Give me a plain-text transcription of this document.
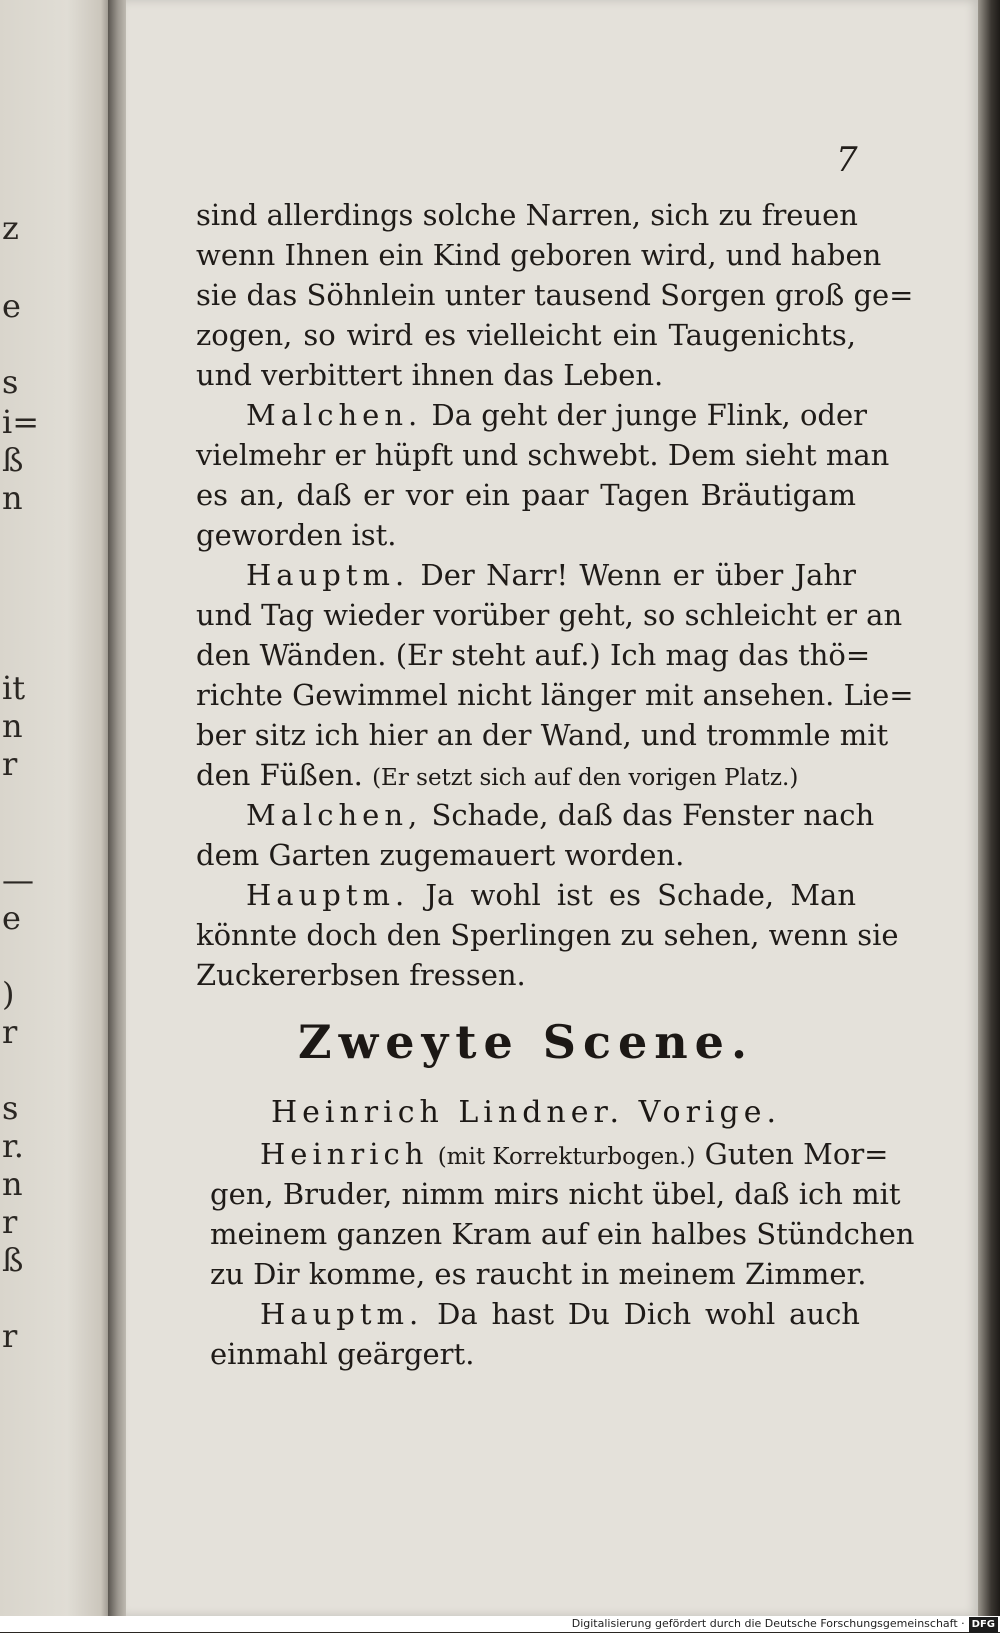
z
e
s
i=
ß
n
it
n
r
—
e
)
r
s
r.
n
r
ß
r
7
sind allerdings solche Narren, sich zu freuen
wenn Ihnen ein Kind geboren wird, und haben
sie das Söhnlein unter tausend Sorgen groß ge=
zogen, so wird es vielleicht ein Taugenichts,
und verbittert ihnen das Leben.
Malchen. Da geht der junge Flink, oder
vielmehr er hüpft und schwebt. Dem sieht man
es an, daß er vor ein paar Tagen Bräutigam
geworden ist.
Hauptm. Der Narr! Wenn er über Jahr
und Tag wieder vorüber geht, so schleicht er an
den Wänden. (Er steht auf.) Ich mag das thö=
richte Gewimmel nicht länger mit ansehen. Lie=
ber sitz ich hier an der Wand, und trommle mit
den Füßen. (Er setzt sich auf den vorigen Platz.)
Malchen, Schade, daß das Fenster nach
dem Garten zugemauert worden.
Hauptm. Ja wohl ist es Schade, Man
könnte doch den Sperlingen zu sehen, wenn sie
Zuckererbsen fressen.
Zweyte Scene.
Heinrich Lindner. Vorige.
Heinrich (mit Korrekturbogen.) Guten Mor=
gen, Bruder, nimm mirs nicht übel, daß ich mit
meinem ganzen Kram auf ein halbes Stündchen
zu Dir komme, es raucht in meinem Zimmer.
Hauptm. Da hast Du Dich wohl auch
einmahl geärgert.
Digitalisierung gefördert durch die Deutsche Forschungsgemeinschaft · DFG
